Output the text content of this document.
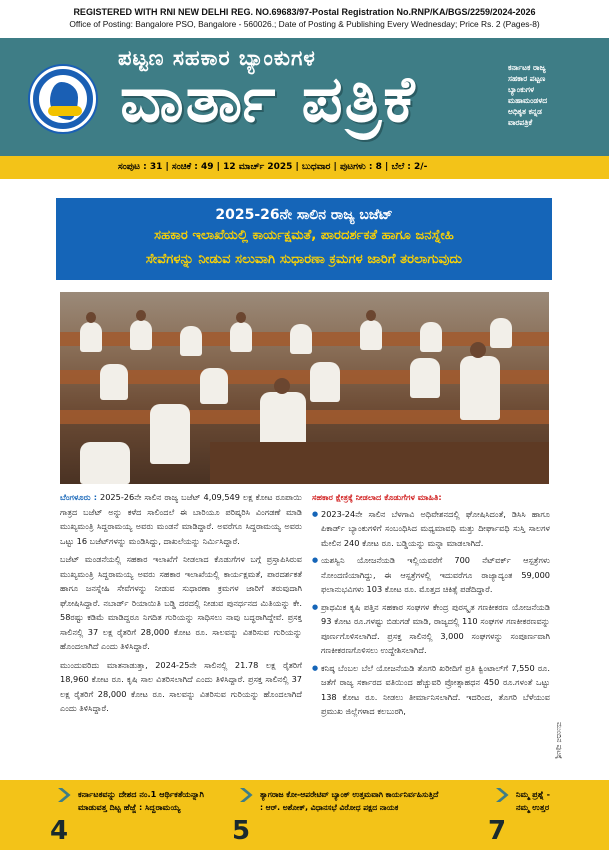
REGISTERED WITH RNI NEW DELHI REG. NO.69683/97-Postal Registration No.RNP/KA/BGS/2259/2024-2026
Office of Posting: Bangalore PSO, Bangalore - 560026.; Date of Posting & Publishing Every Wednesday; Price Rs. 2 (Pages-8)
ಪಟ್ಟಣ ಸಹಕಾರ ಬ್ಯಾಂಕುಗಳ
ವಾರ್ತಾ ಪತ್ರಿಕೆ	ಕರ್ನಾಟಕ ರಾಜ್ಯ
ಸಹಕಾರ ಪಟ್ಟಣ
ಬ್ಯಾಂಕುಗಳ
ಮಹಾಮಂಡಳದ
ಅಧಿಕೃತ ಕನ್ನಡ
ವಾರಪತ್ರಿಕೆ
ಸಂಪುಟ : 31 | ಸಂಚಿಕೆ : 49 | 12 ಮಾರ್ಚ್ 2025 | ಬುಧವಾರ | ಪುಟಗಳು : 8 | ಬೆಲೆ : 2/-
2025-26ನೇ ಸಾಲಿನ ರಾಜ್ಯ ಬಜೆಟ್
ಸಹಕಾರ ಇಲಾಖೆಯಲ್ಲಿ ಕಾರ್ಯಕ್ಷಮತೆ, ಪಾರದರ್ಶಕತೆ ಹಾಗೂ ಜನಸ್ನೇಹಿ
ಸೇವೆಗಳನ್ನು ನೀಡುವ ಸಲುವಾಗಿ ಸುಧಾರಣಾ ಕ್ರಮಗಳ ಜಾರಿಗೆ ತರಲಾಗುವುದು

ಬೆಂಗಳೂರು : 2025-26ನೇ ಸಾಲಿನ ರಾಜ್ಯ ಬಜೆಟ್ 4,09,549 ಲಕ್ಷ ಕೋಟ ರೂಪಾಯಿ ಗಾತ್ರದ ಬಜೆಟ್ ಅನ್ನು ಕಳೆದ ಸಾಲಿಂದಲೆ ಈ ಬಾರಿಯೂ ಪರಿಷ್ಕರಿಸಿ ವಿಂಗಡಣೆ ಮಾಡಿ ಮುಖ್ಯಮಂತ್ರಿ ಸಿದ್ದರಾಮಯ್ಯ ಅವರು ಮಂಡನೆ ಮಾಡಿದ್ದಾರೆ. ಅವರೆಗೂ ಸಿದ್ದರಾಮಯ್ಯ ಅವರು ಒಟ್ಟು 16 ಬಜೆಟ್‌ಗಳನ್ನು ಮಂಡಿಸಿದ್ದು, ದಾಖಲೆಯನ್ನು ನಿರ್ಮಿಸಿದ್ದಾರೆ.

ಬಜೆಟ್ ಮಂಡನೆಯಲ್ಲಿ ಸಹಕಾರ ಇಲಾಖೆಗೆ ನೀಡಲಾದ ಕೊಡುಗೆಗಳ ಬಗ್ಗೆ ಪ್ರಸ್ತಾಪಿಸಿರುವ ಮುಖ್ಯಮಂತ್ರಿ ಸಿದ್ದರಾಮಯ್ಯ ಅವರು ಸಹಕಾರ ಇಲಾಖೆಯಲ್ಲಿ ಕಾರ್ಯಕ್ಷಮತೆ, ಪಾರದರ್ಶಕತೆ ಹಾಗೂ ಜನಸ್ನೇಹಿ ಸೇವೆಗಳನ್ನು ನೀಡುವ ಸುಧಾರಣಾ ಕ್ರಮಗಳ ಜಾರಿಗೆ ತರುವುದಾಗಿ ಘೋಷಿಸಿದ್ದಾರೆ. ನಬಾರ್ಡ್ ರಿಯಾಯಿತಿ ಬಡ್ಡಿ ದರದಲ್ಲಿ ನೀಡುವ ಪುನರ್ಧನದ ಮಿತಿಯನ್ನು ಕೇ. 58ರಷ್ಟು ಕಡಿಮೆ ಮಾಡಿದ್ದರೂ ನಿಗದಿತ ಗುರಿಯನ್ನು ಸಾಧಿಸಲು ನಾವು ಬದ್ಧರಾಗಿದ್ದೇವೆ. ಪ್ರಸಕ್ತ ಸಾಲಿನಲ್ಲಿ 37 ಲಕ್ಷ ರೈತರಿಗೆ 28,000 ಕೋಟ ರೂ. ಸಾಲವನ್ನು ವಿತರಿಸುವ ಗುರಿಯನ್ನು ಹೊಂದಲಾಗಿದೆ ಎಂದು ತಿಳಿಸಿದ್ದಾರೆ.

ಮುಂದುವರಿದು ಮಾತನಾಡುತ್ತಾ, 2024-25ನೇ ಸಾಲಿನಲ್ಲಿ 21.78 ಲಕ್ಷ ರೈತರಿಗೆ 18,960 ಕೋಟ ರೂ. ಕೃಷಿ ಸಾಲ ವಿತರಿಸಲಾಗಿದೆ ಎಂದು ತಿಳಿಸಿದ್ದಾರೆ. ಪ್ರಸಕ್ತ ಸಾಲಿನಲ್ಲಿ 37 ಲಕ್ಷ ರೈತರಿಗೆ 28,000 ಕೋಟ ರೂ. ಸಾಲವನ್ನು ವಿತರಿಸುವ ಗುರಿಯನ್ನು ಹೊಂದಲಾಗಿದೆ ಎಂದು ತಿಳಿಸಿದ್ದಾರೆ.

ಸಹಕಾರ ಕ್ಷೇತ್ರಕ್ಕೆ ನೀಡಲಾದ ಕೊಡುಗೆಗಳ ಮಾಹಿತಿ:
● 2023-24ನೇ ಸಾಲಿನ ಬೆಳಗಾವಿ ಅಧಿವೇಶನದಲ್ಲಿ ಘೋಷಿಸಿದಂತೆ, ಡಿಸಿಸಿ ಹಾಗೂ ಪಿಕಾರ್ಡ್ ಬ್ಯಾಂಕುಗಳಿಗೆ ಸಂಬಂಧಿಸಿದ ಮಧ್ಯಮಾವಧಿ ಮತ್ತು ದೀರ್ಘಾವಧಿ ಸುಸ್ತಿ ಸಾಲಗಳ ಮೇಲಿನ 240 ಕೋಟ ರೂ. ಬಡ್ಡಿಯನ್ನು ಮನ್ನಾ ಮಾಡಲಾಗಿದೆ.
● ಯಶಸ್ವಿನಿ ಯೋಜನೆಯಡಿ ಇಲ್ಲಿಯವರೆಗೆ 700 ನೆಟ್‌ವರ್ಕ್ ಆಸ್ಪತ್ರೆಗಳು ನೋಂದಣಿಯಾಗಿದ್ದು, ಈ ಆಸ್ಪತ್ರೆಗಳಲ್ಲಿ ಇದುವರೆಗೂ ರಾಜ್ಯಾದ್ಯಂತ 59,000 ಫಲಾನುಭವಿಗಳು 103 ಕೋಟ ರೂ. ಮೊತ್ತದ ಚಿಕಿತ್ಸೆ ಪಡೆದಿದ್ದಾರೆ.
● ಪ್ರಾಥಮಿಕ ಕೃಷಿ ಪತ್ತಿನ ಸಹಕಾರ ಸಂಘಗಳ ಕೇಂದ್ರ ಪುರಸ್ಕೃತ ಗಣಕೀಕರಣ ಯೋಜನೆಯಡಿ 93 ಕೋಟ ರೂ.ಗಳಷ್ಟು ಬಿಡುಗಡೆ ಮಾಡಿ, ರಾಜ್ಯದಲ್ಲಿ 110 ಸಂಘಗಳ ಗಣಕೀಕರಣವನ್ನು ಪೂರ್ಣಗೊಳಿಸಲಾಗಿದೆ. ಪ್ರಸಕ್ತ ಸಾಲಿನಲ್ಲಿ 3,000 ಸಂಘಗಳನ್ನು ಸಂಪೂರ್ಣವಾಗಿ ಗಣಕೀಕರಣಗೊಳಿಸಲು ಉದ್ದೇಶಿಸಲಾಗಿದೆ.
● ಕನಿಷ್ಠ ಬೆಂಬಲ ಬೆಲೆ ಯೋಜನೆಯಡಿ ತೊಗರಿ ಖರೀದಿಗೆ ಪ್ರತಿ ಕ್ವಿಂಟಾಲ್‌ಗೆ 7,550 ರೂ. ಜತೆಗೆ ರಾಜ್ಯ ಸರ್ಕಾರದ ವತಿಯಿಂದ ಹೆಚ್ಚುವರಿ ಪ್ರೋತ್ಸಾಹಧನ 450 ರೂ.ಗಳಂತೆ ಒಟ್ಟು 138 ಕೋಟ ರೂ. ನೀಡಲು ತೀರ್ಮಾನಿಸಲಾಗಿದೆ. ಇದರಿಂದ, ತೊಗರಿ ಬೆಳೆಯುವ ಪ್ರಮುಖ ಜಿಲ್ಲೆಗಳಾದ ಕಲಬುರಗಿ,
ಮುಂದಿನ ಪುಟಕ್ಕೆ
ಕರ್ನಾಟಕವನ್ನು ದೇಶದ ನಂ.1 ಆರ್ಥಿಕತೆಯನ್ನಾಗಿ
ಮಾಡುವತ್ತ ದಿಟ್ಟ ಹೆಜ್ಜೆ : ಸಿದ್ದರಾಮಯ್ಯ
4
ತ್ಯಾಗರಾಜ ಕೋ-ಆಪರೇಟಿವ್ ಬ್ಯಾಂಕ್ ಉತ್ತಮವಾಗಿ ಕಾರ್ಯನಿರ್ವಹಿಸುತ್ತಿದೆ
: ಆರ್. ಅಶೋಕ್, ವಿಧಾನಸಭೆ ವಿರೋಧ ಪಕ್ಷದ ನಾಯಕ
5
ನಿಮ್ಮ ಪ್ರಶ್ನೆ -
ನಮ್ಮ ಉತ್ತರ
7
